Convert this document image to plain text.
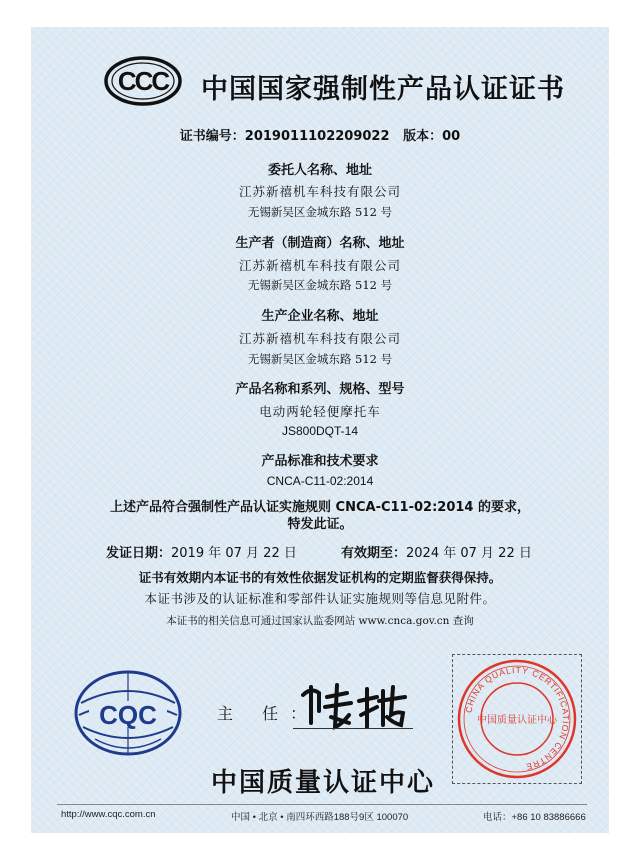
CCC 中国国家强制性产品认证证书
证书编号：2019011102209022   版本：00
委托人名称、地址
江苏新禧机车科技有限公司
无锡新吴区金城东路 512 号
生产者（制造商）名称、地址
江苏新禧机车科技有限公司
无锡新吴区金城东路 512 号
生产企业名称、地址
江苏新禧机车科技有限公司
无锡新吴区金城东路 512 号
产品名称和系列、规格、型号
电动两轮轻便摩托车
JS800DQT-14
产品标准和技术要求
CNCA-C11-02:2014
上述产品符合强制性产品认证实施规则 CNCA-C11-02:2014 的要求，
特发此证。
发证日期：2019 年 07 月 22 日	有效期至：2024 年 07 月 22 日
证书有效期内本证书的有效性依据发证机构的定期监督获得保持。
本证书涉及的认证标准和零部件认证实施规则等信息见附件。
本证书的相关信息可通过国家认监委网站 www.cnca.gov.cn 查询
CQC	主 任：	CHINA QUALITY CERTIFICATION CENTRE
中国质量认证中心
中国质量认证中心
http://www.cqc.com.cn	中国 • 北京 • 南四环西路188号9区 100070	电话：+86 10 83886666
